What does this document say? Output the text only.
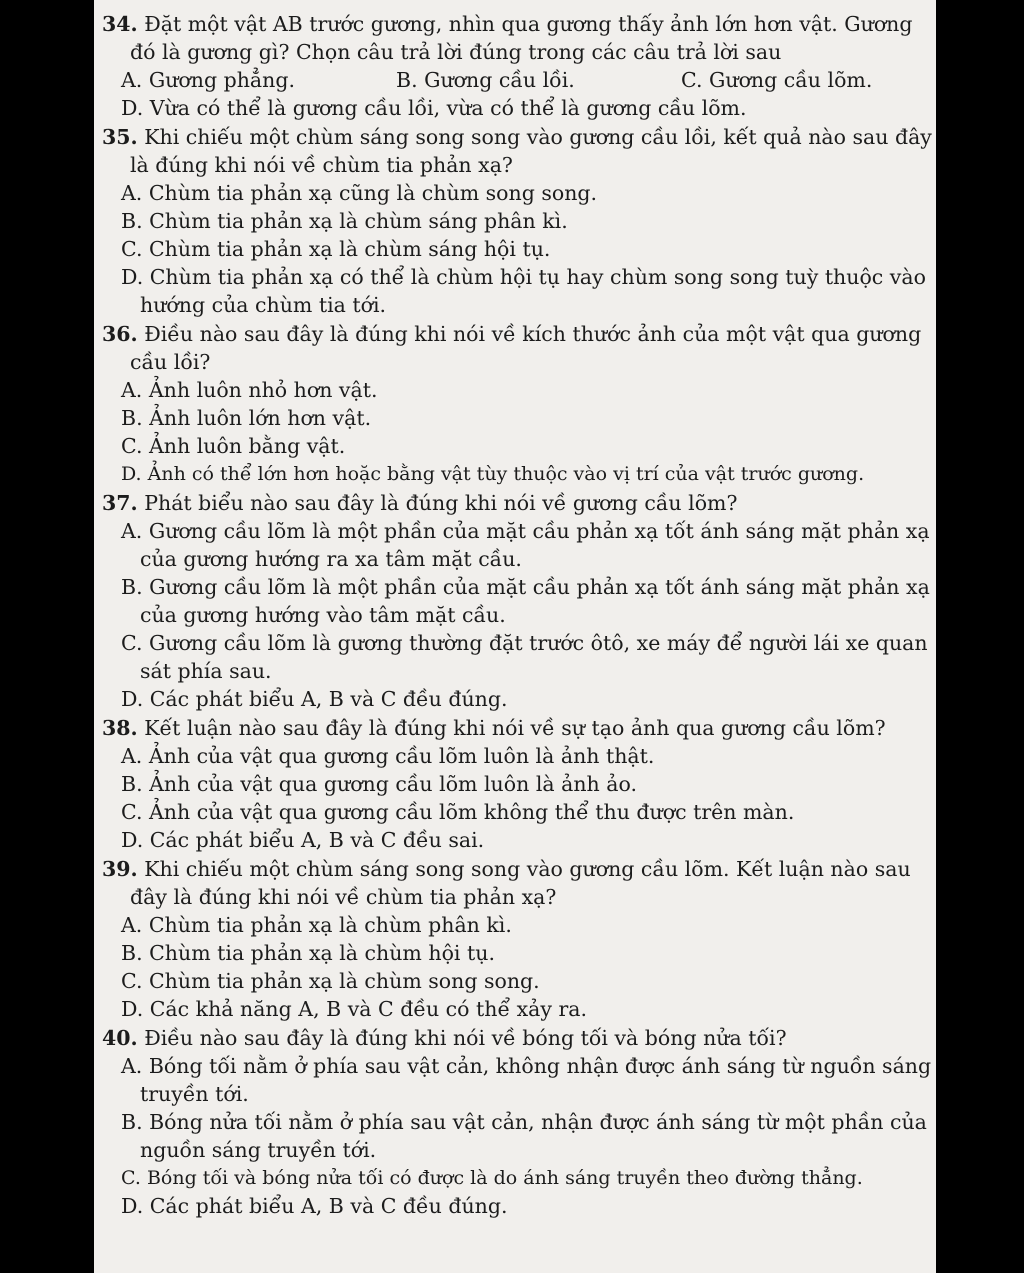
34. Đặt một vật AB trước gương, nhìn qua gương thấy ảnh lớn hơn vật. Gương đó là gương gì? Chọn câu trả lời đúng trong các câu trả lời sau
A. Gương phẳng.	B. Gương cầu lồi.	C. Gương cầu lõm.
D. Vừa có thể là gương cầu lồi, vừa có thể là gương cầu lõm.
35. Khi chiếu một chùm sáng song song vào gương cầu lồi, kết quả nào sau đây là đúng khi nói về chùm tia phản xạ?
A. Chùm tia phản xạ cũng là chùm song song.
B. Chùm tia phản xạ là chùm sáng phân kì.
C. Chùm tia phản xạ là chùm sáng hội tụ.
D. Chùm tia phản xạ có thể là chùm hội tụ hay chùm song song tuỳ thuộc vào hướng của chùm tia tới.
36. Điều nào sau đây là đúng khi nói về kích thước ảnh của một vật qua gương cầu lồi?
A. Ảnh luôn nhỏ hơn vật.
B. Ảnh luôn lớn hơn vật.
C. Ảnh luôn bằng vật.
D. Ảnh có thể lớn hơn hoặc bằng vật tùy thuộc vào vị trí của vật trước gương.
37. Phát biểu nào sau đây là đúng khi nói về gương cầu lõm?
A. Gương cầu lõm là một phần của mặt cầu phản xạ tốt ánh sáng mặt phản xạ của gương hướng ra xa tâm mặt cầu.
B. Gương cầu lõm là một phần của mặt cầu phản xạ tốt ánh sáng mặt phản xạ của gương hướng vào tâm mặt cầu.
C. Gương cầu lõm là gương thường đặt trước ôtô, xe máy để người lái xe quan sát phía sau.
D. Các phát biểu A, B và C đều đúng.
38. Kết luận nào sau đây là đúng khi nói về sự tạo ảnh qua gương cầu lõm?
A. Ảnh của vật qua gương cầu lõm luôn là ảnh thật.
B. Ảnh của vật qua gương cầu lõm luôn là ảnh ảo.
C. Ảnh của vật qua gương cầu lõm không thể thu được trên màn.
D. Các phát biểu A, B và C đều sai.
39. Khi chiếu một chùm sáng song song vào gương cầu lõm. Kết luận nào sau đây là đúng khi nói về chùm tia phản xạ?
A. Chùm tia phản xạ là chùm phân kì.
B. Chùm tia phản xạ là chùm hội tụ.
C. Chùm tia phản xạ là chùm song song.
D. Các khả năng A, B và C đều có thể xảy ra.
40. Điều nào sau đây là đúng khi nói về bóng tối và bóng nửa tối?
A. Bóng tối nằm ở phía sau vật cản, không nhận được ánh sáng từ nguồn sáng truyền tới.
B. Bóng nửa tối nằm ở phía sau vật cản, nhận được ánh sáng từ một phần của nguồn sáng truyền tới.
C. Bóng tối và bóng nửa tối có được là do ánh sáng truyền theo đường thẳng.
D. Các phát biểu A, B và C đều đúng.
